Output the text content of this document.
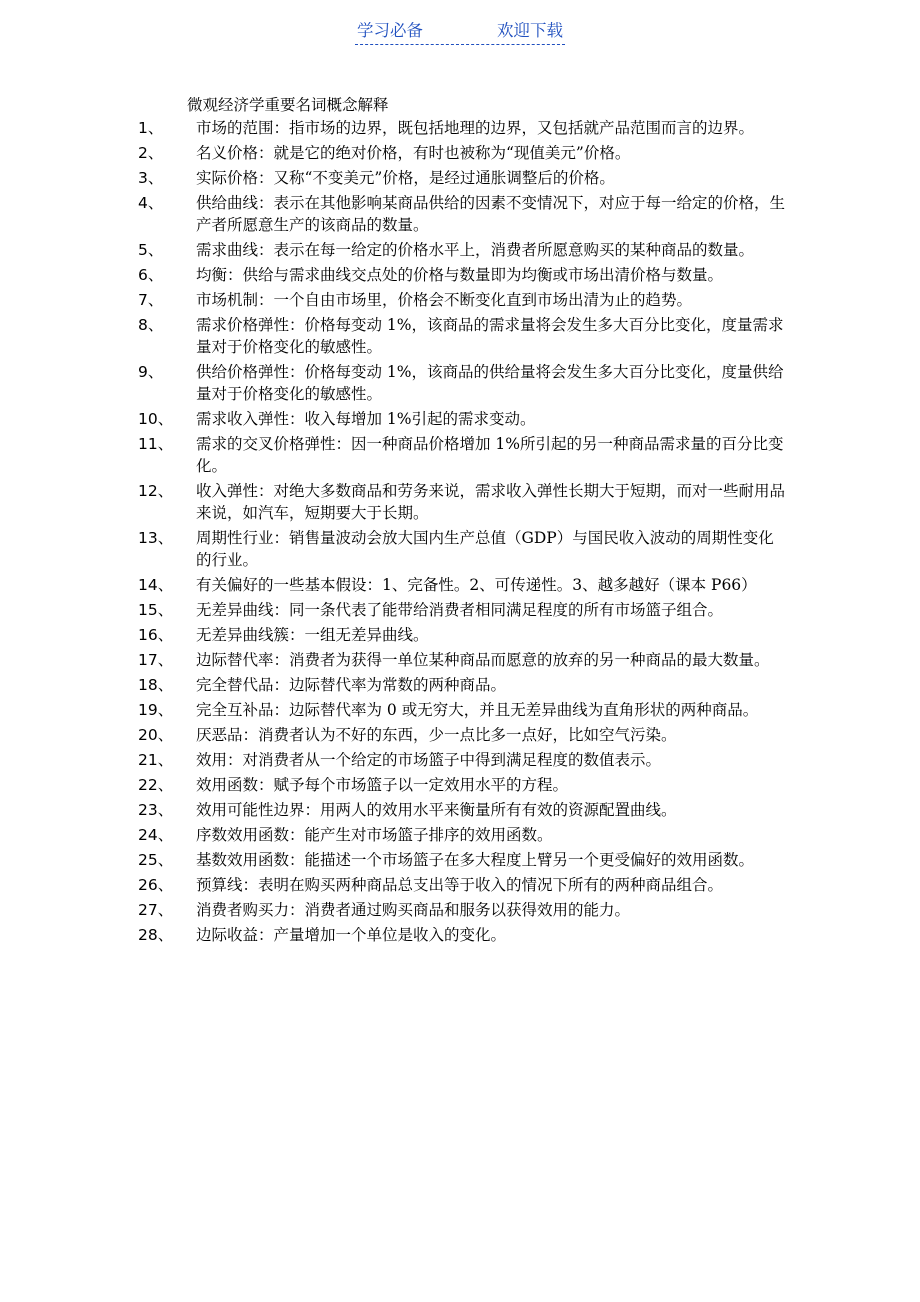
学习必备	欢迎下载
微观经济学重要名词概念解释
1、	市场的范围：指市场的边界，既包括地理的边界，又包括就产品范围而言的边界。
2、	名义价格：就是它的绝对价格，有时也被称为“现值美元”价格。
3、	实际价格：又称“不变美元”价格，是经过通胀调整后的价格。
4、	供给曲线：表示在其他影响某商品供给的因素不变情况下，对应于每一给定的价格，生产者所愿意生产的该商品的数量。
5、	需求曲线：表示在每一给定的价格水平上，消费者所愿意购买的某种商品的数量。
6、	均衡：供给与需求曲线交点处的价格与数量即为均衡或市场出清价格与数量。
7、	市场机制：一个自由市场里，价格会不断变化直到市场出清为止的趋势。
8、	需求价格弹性：价格每变动 1%，该商品的需求量将会发生多大百分比变化，度量需求量对于价格变化的敏感性。
9、	供给价格弹性：价格每变动 1%，该商品的供给量将会发生多大百分比变化，度量供给量对于价格变化的敏感性。
10、	需求收入弹性：收入每增加 1%引起的需求变动。
11、	需求的交叉价格弹性：因一种商品价格增加 1%所引起的另一种商品需求量的百分比变化。
12、	收入弹性：对绝大多数商品和劳务来说，需求收入弹性长期大于短期，而对一些耐用品来说，如汽车，短期要大于长期。
13、	周期性行业：销售量波动会放大国内生产总值（GDP）与国民收入波动的周期性变化的行业。
14、	有关偏好的一些基本假设：1、完备性。2、可传递性。3、越多越好（课本 P66）
15、	无差异曲线：同一条代表了能带给消费者相同满足程度的所有市场篮子组合。
16、	无差异曲线簇：一组无差异曲线。
17、	边际替代率：消费者为获得一单位某种商品而愿意的放弃的另一种商品的最大数量。
18、	完全替代品：边际替代率为常数的两种商品。
19、	完全互补品：边际替代率为 0 或无穷大，并且无差异曲线为直角形状的两种商品。
20、	厌恶品：消费者认为不好的东西，少一点比多一点好，比如空气污染。
21、	效用：对消费者从一个给定的市场篮子中得到满足程度的数值表示。
22、	效用函数：赋予每个市场篮子以一定效用水平的方程。
23、	效用可能性边界：用两人的效用水平来衡量所有有效的资源配置曲线。
24、	序数效用函数：能产生对市场篮子排序的效用函数。
25、	基数效用函数：能描述一个市场篮子在多大程度上臂另一个更受偏好的效用函数。
26、	预算线：表明在购买两种商品总支出等于收入的情况下所有的两种商品组合。
27、	消费者购买力：消费者通过购买商品和服务以获得效用的能力。
28、	边际收益：产量增加一个单位是收入的变化。
